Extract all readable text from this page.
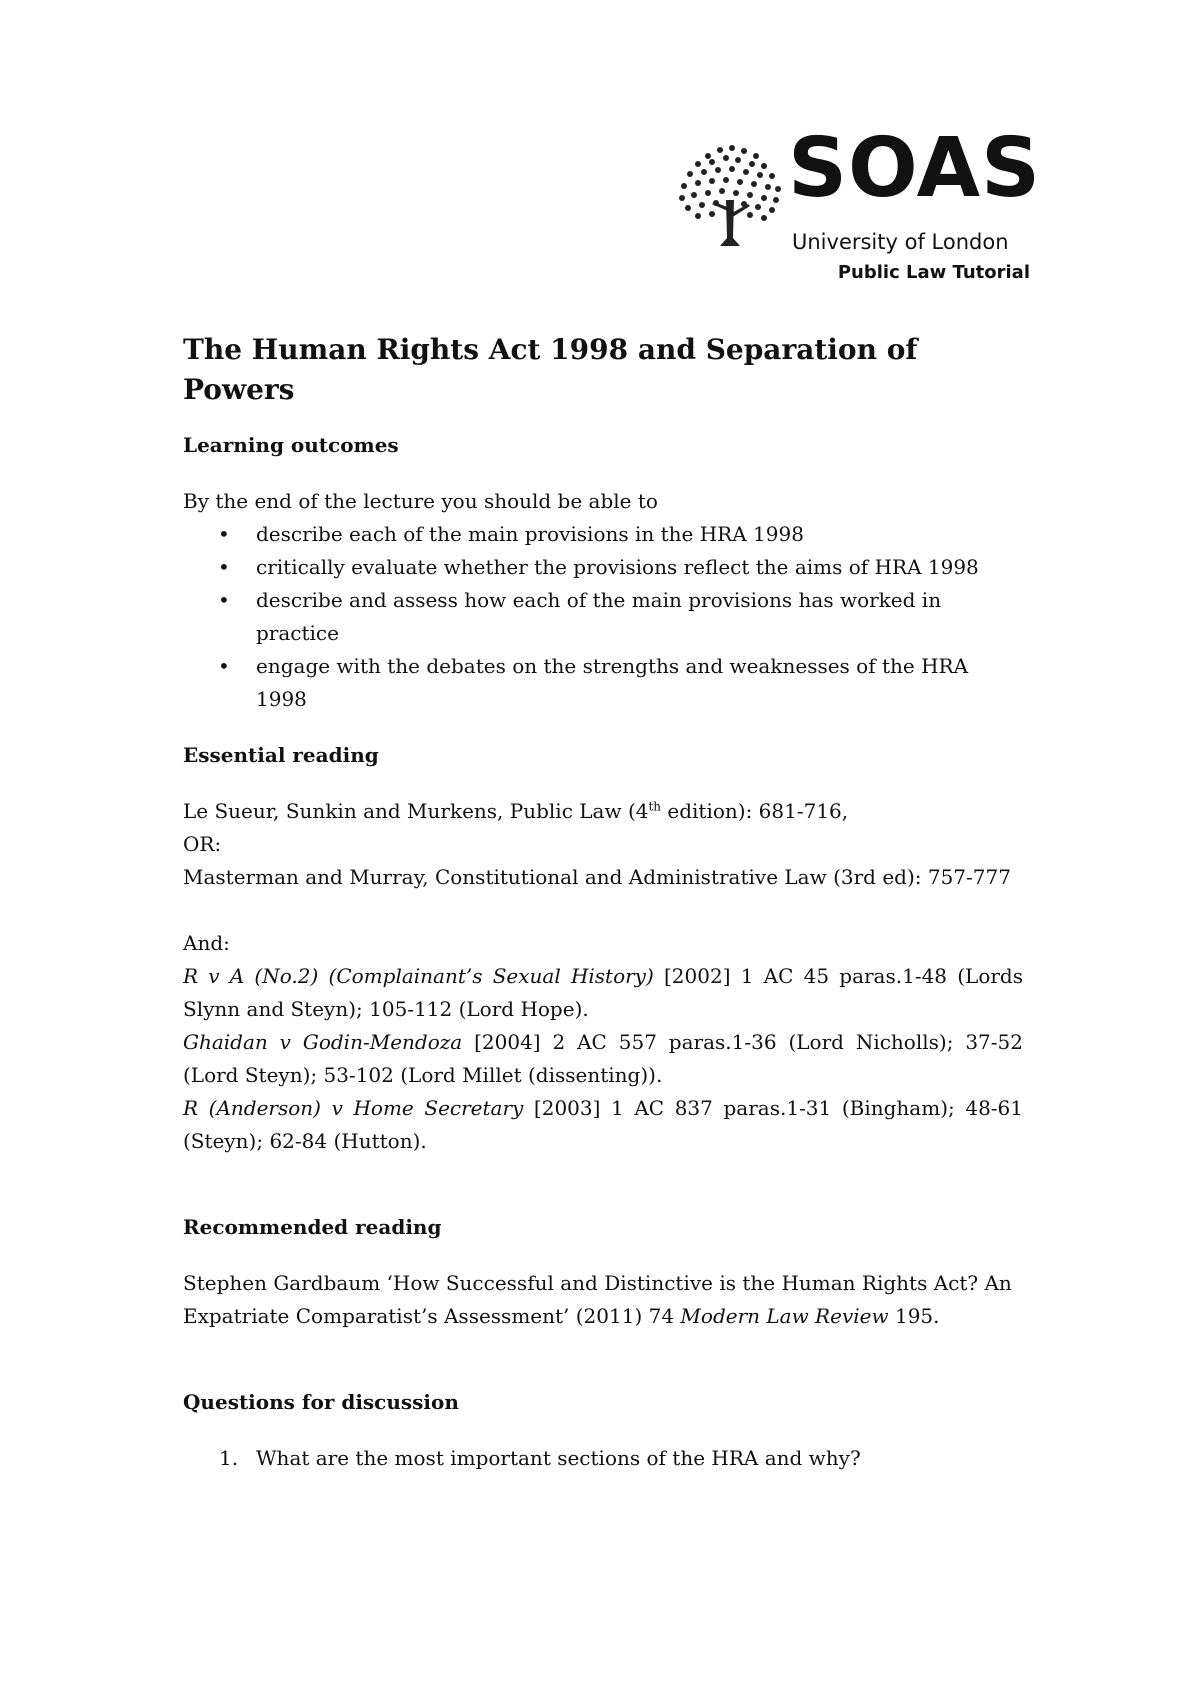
SOAS
University of London
Public Law Tutorial
The Human Rights Act 1998 and Separation of Powers
Learning outcomes

By the end of the lecture you should be able to

• describe each of the main provisions in the HRA 1998
• critically evaluate whether the provisions reflect the aims of HRA 1998
• describe and assess how each of the main provisions has worked in practice
• engage with the debates on the strengths and weaknesses of the HRA 1998
Essential reading

Le Sueur, Sunkin and Murkens, Public Law (4th edition): 681-716,

OR:

Masterman and Murray, Constitutional and Administrative Law (3rd ed): 757-777

And:

R v A (No.2) (Complainant’s Sexual History) [2002] 1 AC 45 paras.1-48 (Lords Slynn and Steyn); 105-112 (Lord Hope).

Ghaidan v Godin-Mendoza [2004] 2 AC 557 paras.1-36 (Lord Nicholls); 37-52 (Lord Steyn); 53-102 (Lord Millet (dissenting)).

R (Anderson) v Home Secretary [2003] 1 AC 837 paras.1-31 (Bingham); 48-61 (Steyn); 62-84 (Hutton).

Recommended reading

Stephen Gardbaum ‘How Successful and Distinctive is the Human Rights Act? An Expatriate Comparatist’s Assessment’ (2011) 74 Modern Law Review 195.

Questions for discussion
1. What are the most important sections of the HRA and why?
